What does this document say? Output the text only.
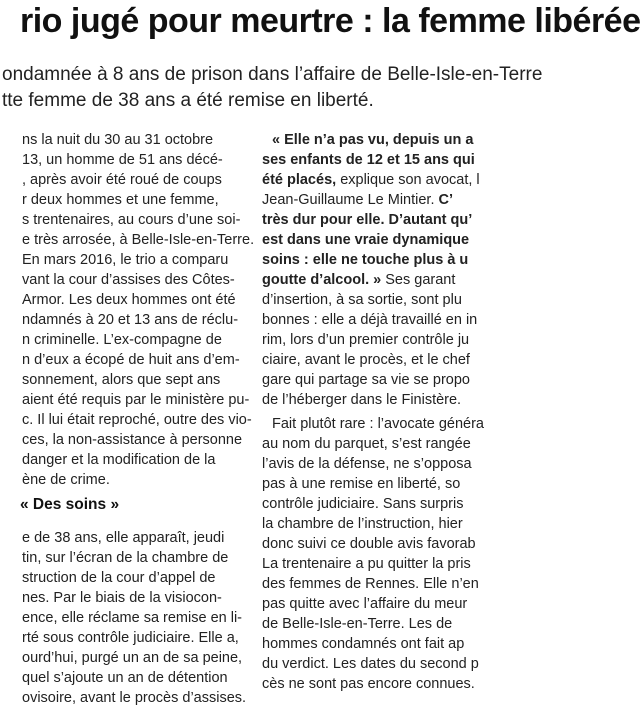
rio jugé pour meurtre : la femme libérée
ondamnée à 8 ans de prison dans l’affaire de Belle-Isle-en-Terre
tte femme de 38 ans a été remise en liberté.
ns la nuit du 30 au 31 octobre
13, un homme de 51 ans décé-
, après avoir été roué de coups
r deux hommes et une femme,
s trentenaires, au cours d’une soi-
e très arrosée, à Belle-Isle-en-Terre.
En mars 2016, le trio a comparu
vant la cour d’assises des Côtes-
Armor. Les deux hommes ont été
ndamnés à 20 et 13 ans de réclu-
n criminelle. L’ex-compagne de
n d’eux a écopé de huit ans d’em-
sonnement, alors que sept ans
aient été requis par le ministère pu-
c. Il lui était reproché, outre des vio-
ces, la non-assistance à personne
danger et la modification de la
ène de crime.
« Des soins »
e de 38 ans, elle apparaît, jeudi
tin, sur l’écran de la chambre de
struction de la cour d’appel de
nes. Par le biais de la visiocon-
ence, elle réclame sa remise en li-
rté sous contrôle judiciaire. Elle a,
ourd’hui, purgé un an de sa peine,
quel s’ajoute un an de détention
ovisoire, avant le procès d’assises.
« Elle n’a pas vu, depuis un a
ses enfants de 12 et 15 ans qui
été placés, explique son avocat, l
Jean-Guillaume Le Mintier. C’
très dur pour elle. D’autant qu’
est dans une vraie dynamique
soins : elle ne touche plus à u
goutte d’alcool. » Ses garant
d’insertion, à sa sortie, sont plu
bonnes : elle a déjà travaillé en in
rim, lors d’un premier contrôle ju
ciaire, avant le procès, et le chef
gare qui partage sa vie se propo
de l’héberger dans le Finistère.
Fait plutôt rare : l’avocate généra
au nom du parquet, s’est rangée
l’avis de la défense, ne s’opposa
pas à une remise en liberté, so
contrôle judiciaire. Sans surpris
la chambre de l’instruction, hier
donc suivi ce double avis favorab
La trentenaire a pu quitter la pris
des femmes de Rennes. Elle n’en
pas quitte avec l’affaire du meur
de Belle-Isle-en-Terre. Les de
hommes condamnés ont fait ap
du verdict. Les dates du second p
cès ne sont pas encore connues.
